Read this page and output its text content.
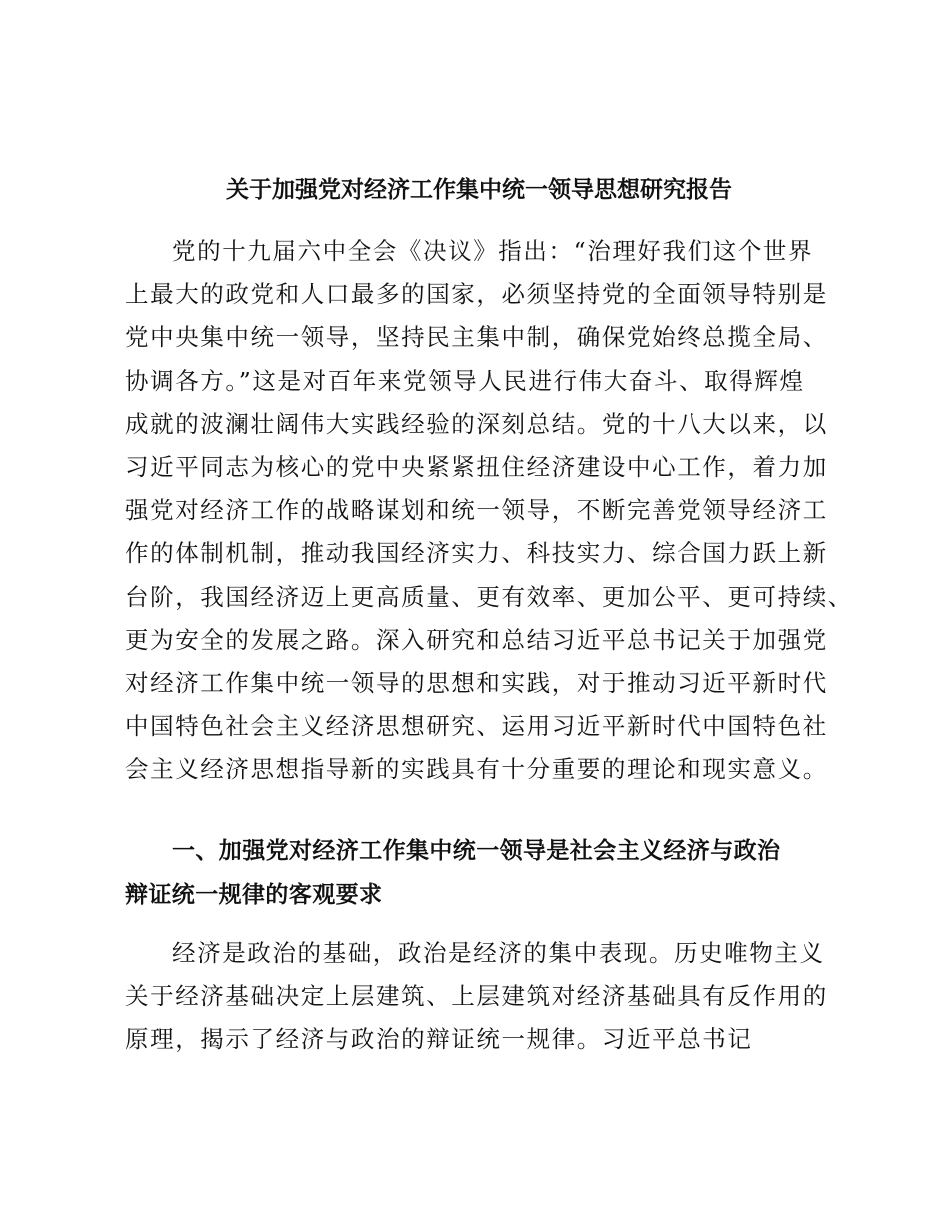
关于加强党对经济工作集中统一领导思想研究报告

党的十九届六中全会《决议》指出：“治理好我们这个世界
上最大的政党和人口最多的国家，必须坚持党的全面领导特别是
党中央集中统一领导，坚持民主集中制，确保党始终总揽全局、
协调各方。”这是对百年来党领导人民进行伟大奋斗、取得辉煌
成就的波澜壮阔伟大实践经验的深刻总结。党的十八大以来，以
习近平同志为核心的党中央紧紧扭住经济建设中心工作，着力加
强党对经济工作的战略谋划和统一领导，不断完善党领导经济工
作的体制机制，推动我国经济实力、科技实力、综合国力跃上新
台阶，我国经济迈上更高质量、更有效率、更加公平、更可持续、
更为安全的发展之路。深入研究和总结习近平总书记关于加强党
对经济工作集中统一领导的思想和实践，对于推动习近平新时代
中国特色社会主义经济思想研究、运用习近平新时代中国特色社
会主义经济思想指导新的实践具有十分重要的理论和现实意义。

一、加强党对经济工作集中统一领导是社会主义经济与政治
辩证统一规律的客观要求

经济是政治的基础，政治是经济的集中表现。历史唯物主义
关于经济基础决定上层建筑、上层建筑对经济基础具有反作用的
原理，揭示了经济与政治的辩证统一规律。习近平总书记
